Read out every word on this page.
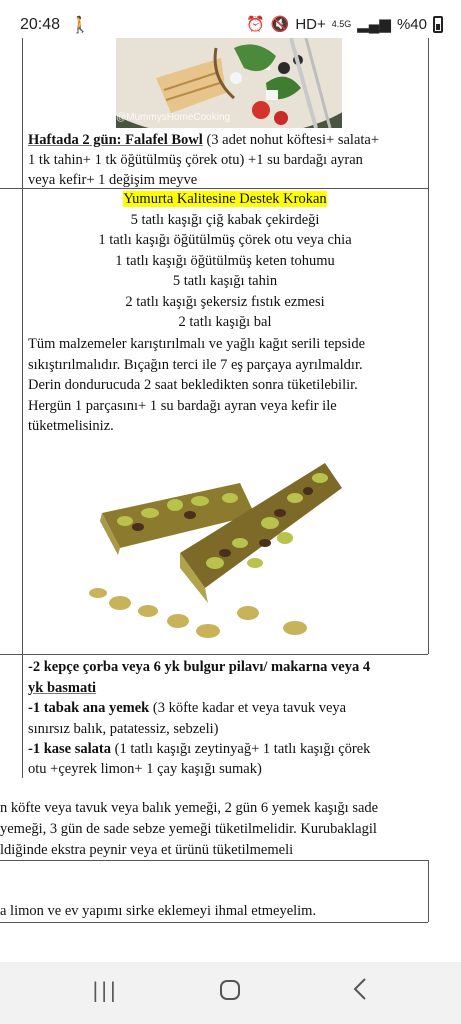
20:48 🚶	⏰ 🔇 HD+ 4.5G ▂▄▆ %40
@MummysHomeCooking
Haftada 2 gün: Falafel Bowl (3 adet nohut köftesi+ salata+
1 tk tahin+ 1 tk öğütülmüş çörek otu) +1 su bardağı ayran
veya kefir+ 1 değişim meyve
Yumurta Kalitesine Destek Krokan
5 tatlı kaşığı çiğ kabak çekirdeği
1 tatlı kaşığı öğütülmüş çörek otu veya chia
1 tatlı kaşığı öğütülmüş keten tohumu
5 tatlı kaşığı tahin
2 tatlı kaşığı şekersiz fıstık ezmesi
2 tatlı kaşığı bal
Tüm malzemeler karıştırılmalı ve yağlı kağıt serili tepside
sıkıştırılmalıdır. Bıçağın terci ile 7 eş parçaya ayrılmaldır.
Derin dondurucuda 2 saat bekledikten sonra tüketilebilir.
Hergün 1 parçasını+ 1 su bardağı ayran veya kefir ile
tüketmelisiniz.
-2 kepçe çorba veya 6 yk bulgur pilavı/ makarna veya 4
yk basmati
-1 tabak ana yemek (3 köfte kadar et veya tavuk veya
sınırsız balık, patatessiz, sebzeli)
-1 kase salata (1 tatlı kaşığı zeytinyağ+ 1 tatlı kaşığı çörek
otu +çeyrek limon+ 1 çay kaşığı sumak)
n köfte veya tavuk veya balık yemeği, 2 gün 6 yemek kaşığı sade
yemeği, 3 gün de sade sebze yemeği tüketilmelidir. Kurubaklagil
ldiğinde ekstra peynir veya et ürünü tüketilmemeli
a limon ve ev yapımı sirke eklemeyi ihmal etmeyelim.
|||
